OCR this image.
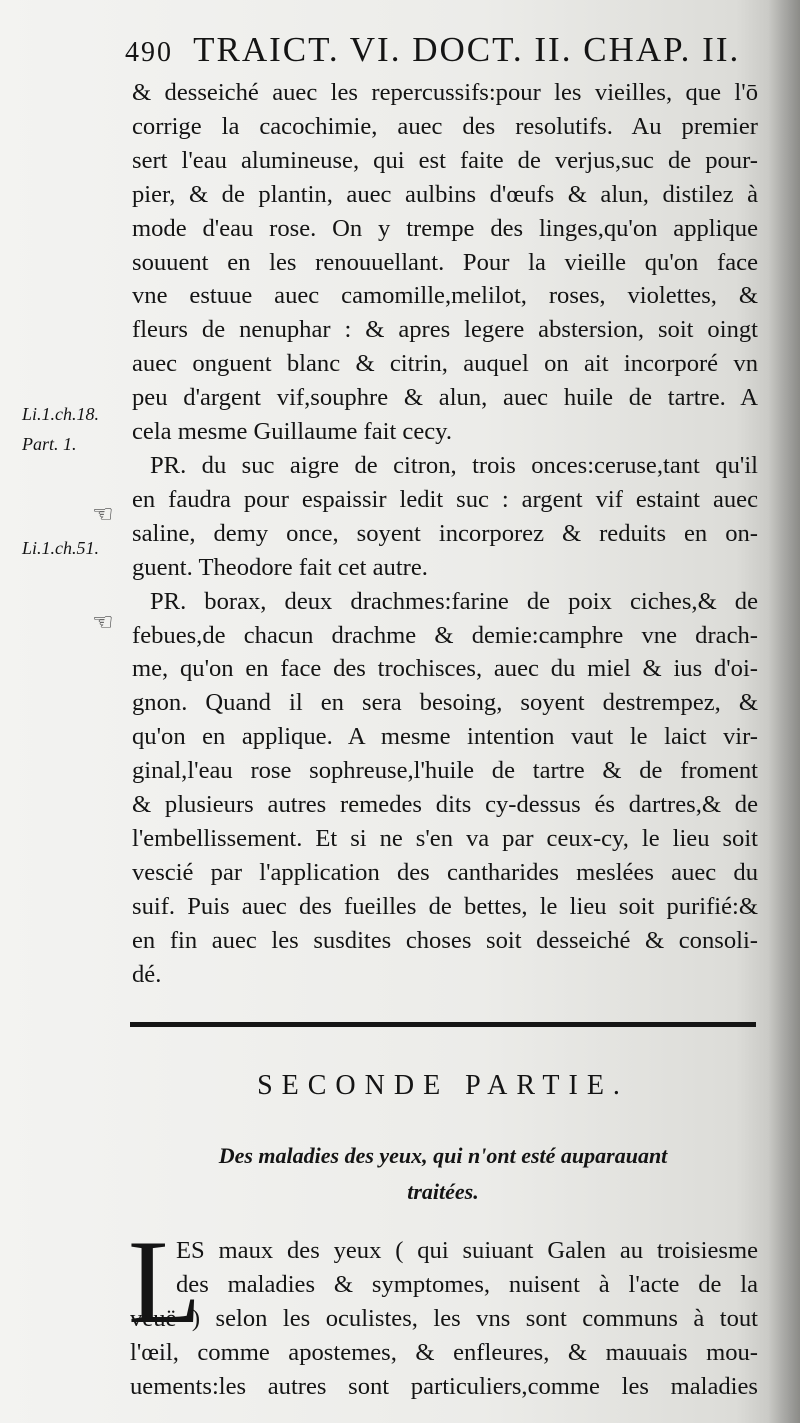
490 TRAICT. VI. DOCT. II. CHAP. II.
& desseiché auec les repercussifs:pour les vieilles, que l'ō
corrige la cacochimie, auec des resolutifs. Au premier
sert l'eau alumineuse, qui est faite de verjus,suc de pour-
pier, & de plantin, auec aulbins d'œufs & alun, distilez à
mode d'eau rose. On y trempe des linges,qu'on applique
souuent en les renouuellant. Pour la vieille qu'on face
vne estuue auec camomille,melilot, roses, violettes, &
fleurs de nenuphar : & apres legere abstersion, soit oingt
auec onguent blanc & citrin, auquel on ait incorporé vn
peu d'argent vif,souphre & alun, auec huile de tartre. A
cela mesme Guillaume fait cecy.
PR. du suc aigre de citron, trois onces:ceruse,tant qu'il
en faudra pour espaissir ledit suc : argent vif estaint auec
saline, demy once, soyent incorporez & reduits en on-
guent. Theodore fait cet autre.
PR. borax, deux drachmes:farine de poix ciches,& de
febues,de chacun drachme & demie:camphre vne drach-
me, qu'on en face des trochisces, auec du miel & ius d'oi-
gnon. Quand il en sera besoing, soyent destrempez, &
qu'on en applique. A mesme intention vaut le laict vir-
ginal,l'eau rose sophreuse,l'huile de tartre & de froment
& plusieurs autres remedes dits cy-dessus és dartres,& de
l'embellissement. Et si ne s'en va par ceux-cy, le lieu soit
vescié par l'application des cantharides meslées auec du
suif. Puis auec des fueilles de bettes, le lieu soit purifié:&
en fin auec les susdites choses soit desseiché & consoli-
dé.
Li.1.ch.18.
Part. 1.
☜
Li.1.ch.51.
☜
SECONDE PARTIE.
Des maladies des yeux, qui n'ont esté auparauant
traitées.
L
ES maux des yeux ( qui suiuant Galen au troisiesme
des maladies & symptomes, nuisent à l'acte de la
veuë ) selon les oculistes, les vns sont communs à tout
l'œil, comme apostemes, & enfleures, & mauuais mou-
uements:les autres sont particuliers,comme les maladies
